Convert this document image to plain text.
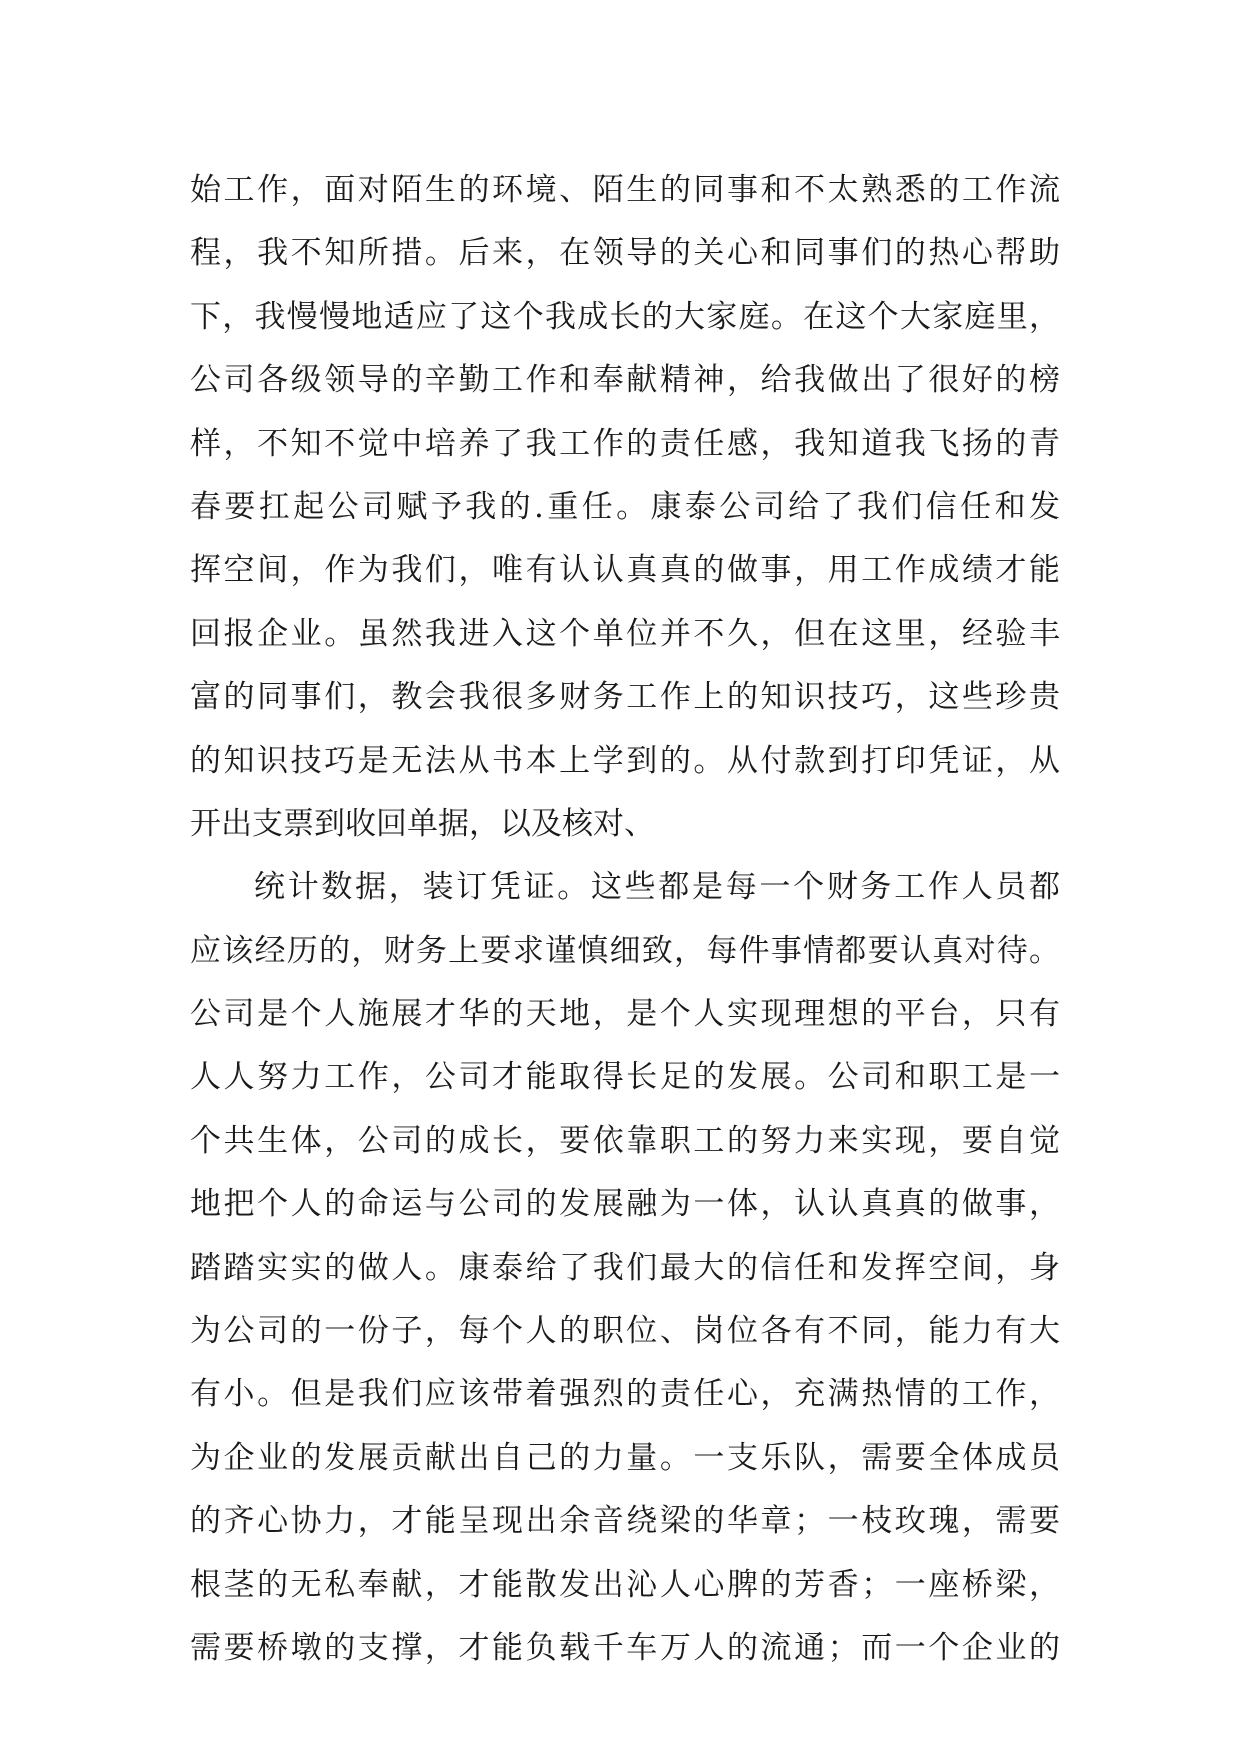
始工作，面对陌生的环境、陌生的同事和不太熟悉的工作流
程，我不知所措。后来，在领导的关心和同事们的热心帮助
下，我慢慢地适应了这个我成长的大家庭。在这个大家庭里，
公司各级领导的辛勤工作和奉献精神，给我做出了很好的榜
样，不知不觉中培养了我工作的责任感，我知道我飞扬的青
春要扛起公司赋予我的.重任。康泰公司给了我们信任和发
挥空间，作为我们，唯有认认真真的做事，用工作成绩才能
回报企业。虽然我进入这个单位并不久，但在这里，经验丰
富的同事们，教会我很多财务工作上的知识技巧，这些珍贵
的知识技巧是无法从书本上学到的。从付款到打印凭证，从
开出支票到收回单据，以及核对、
统计数据，装订凭证。这些都是每一个财务工作人员都
应该经历的，财务上要求谨慎细致，每件事情都要认真对待。
公司是个人施展才华的天地，是个人实现理想的平台，只有
人人努力工作，公司才能取得长足的发展。公司和职工是一
个共生体，公司的成长，要依靠职工的努力来实现，要自觉
地把个人的命运与公司的发展融为一体，认认真真的做事，
踏踏实实的做人。康泰给了我们最大的信任和发挥空间，身
为公司的一份子，每个人的职位、岗位各有不同，能力有大
有小。但是我们应该带着强烈的责任心，充满热情的工作，
为企业的发展贡献出自己的力量。一支乐队，需要全体成员
的齐心协力，才能呈现出余音绕梁的华章；一枝玫瑰，需要
根茎的无私奉献，才能散发出沁人心脾的芳香；一座桥梁，
需要桥墩的支撑，才能负载千车万人的流通；而一个企业的
